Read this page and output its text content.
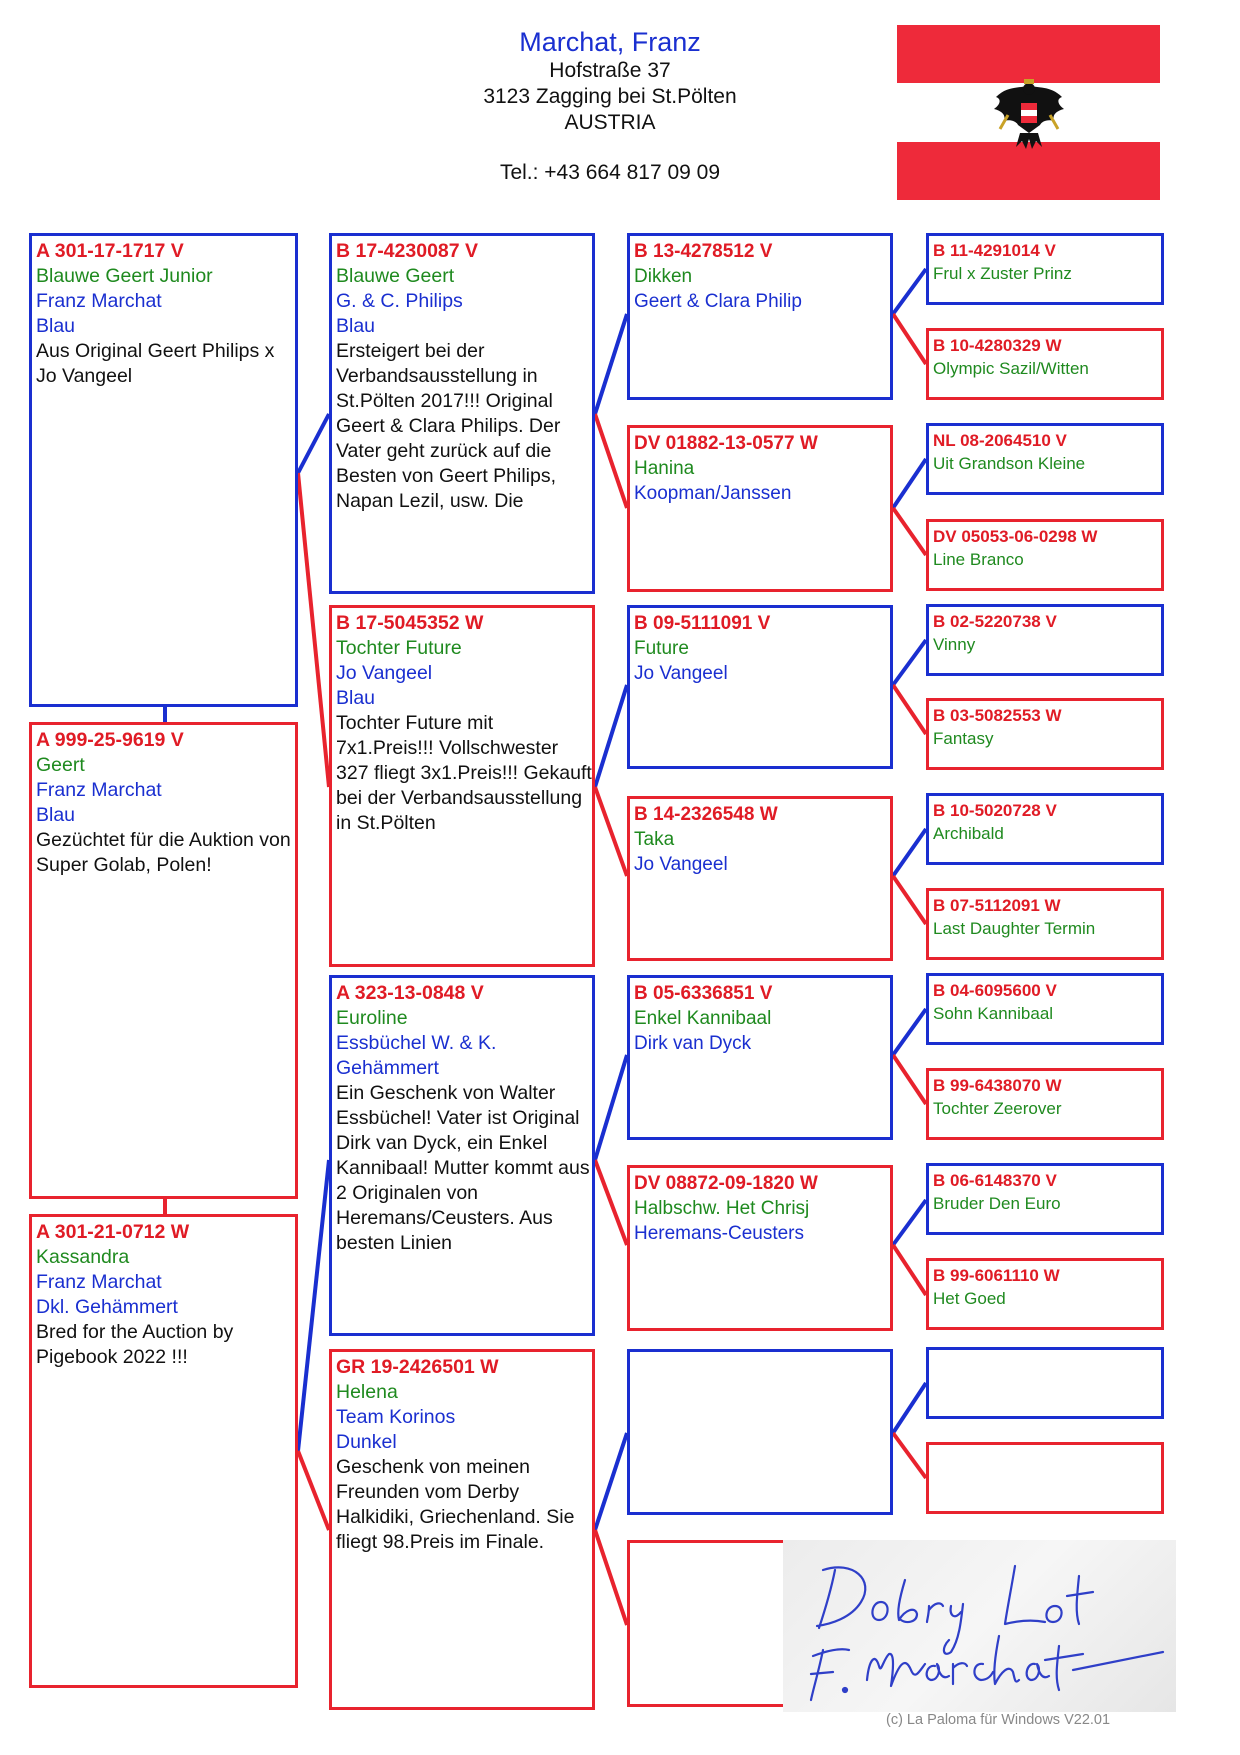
Marchat, Franz
Hofstraße 37
3123 Zagging bei St.Pölten
AUSTRIA
Tel.: +43 664 817 09 09
A 301-17-1717 V
Blauwe Geert Junior
Franz Marchat
Blau
Aus Original Geert Philips x Jo Vangeel
A 999-25-9619 V
Geert
Franz Marchat
Blau
Gezüchtet für die Auktion von Super Golab, Polen!
A 301-21-0712 W
Kassandra
Franz Marchat
Dkl. Gehämmert
Bred for the Auction by Pigebook 2022 !!!
B 17-4230087 V
Blauwe Geert
G. & C. Philips
Blau
Ersteigert bei der Verbandsausstellung in St.Pölten 2017!!! Original Geert & Clara Philips. Der Vater geht zurück auf die Besten von Geert Philips, Napan Lezil, usw. Die
B 17-5045352 W
Tochter Future
Jo Vangeel
Blau
Tochter Future mit 7x1.Preis!!! Vollschwester 327 fliegt 3x1.Preis!!! Gekauft bei der Verbandsausstellung in St.Pölten
A 323-13-0848 V
Euroline
Essbüchel W. & K.
Gehämmert
Ein Geschenk von Walter Essbüchel! Vater ist Original Dirk van Dyck, ein Enkel Kannibaal! Mutter kommt aus 2 Originalen von Heremans/Ceusters. Aus besten Linien
GR 19-2426501 W
Helena
Team Korinos
Dunkel
Geschenk von meinen Freunden vom Derby Halkidiki, Griechenland. Sie fliegt 98.Preis im Finale.
B 13-4278512 V
Dikken
Geert & Clara Philip
DV 01882-13-0577 W
Hanina
Koopman/Janssen
B 09-5111091 V
Future
Jo Vangeel
B 14-2326548 W
Taka
Jo Vangeel
B 05-6336851 V
Enkel Kannibaal
Dirk van Dyck
DV 08872-09-1820 W
Halbschw. Het Chrisj
Heremans-Ceusters
B 11-4291014 V
Frul x Zuster Prinz
B 10-4280329 W
Olympic Sazil/Witten
NL 08-2064510 V
Uit Grandson Kleine
DV 05053-06-0298 W
Line Branco
B 02-5220738 V
Vinny
B 03-5082553 W
Fantasy
B 10-5020728 V
Archibald
B 07-5112091 W
Last Daughter Termin
B 04-6095600 V
Sohn Kannibaal
B 99-6438070 W
Tochter Zeerover
B 06-6148370 V
Bruder Den Euro
B 99-6061110 W
Het Goed
(c) La Paloma für Windows V22.01
